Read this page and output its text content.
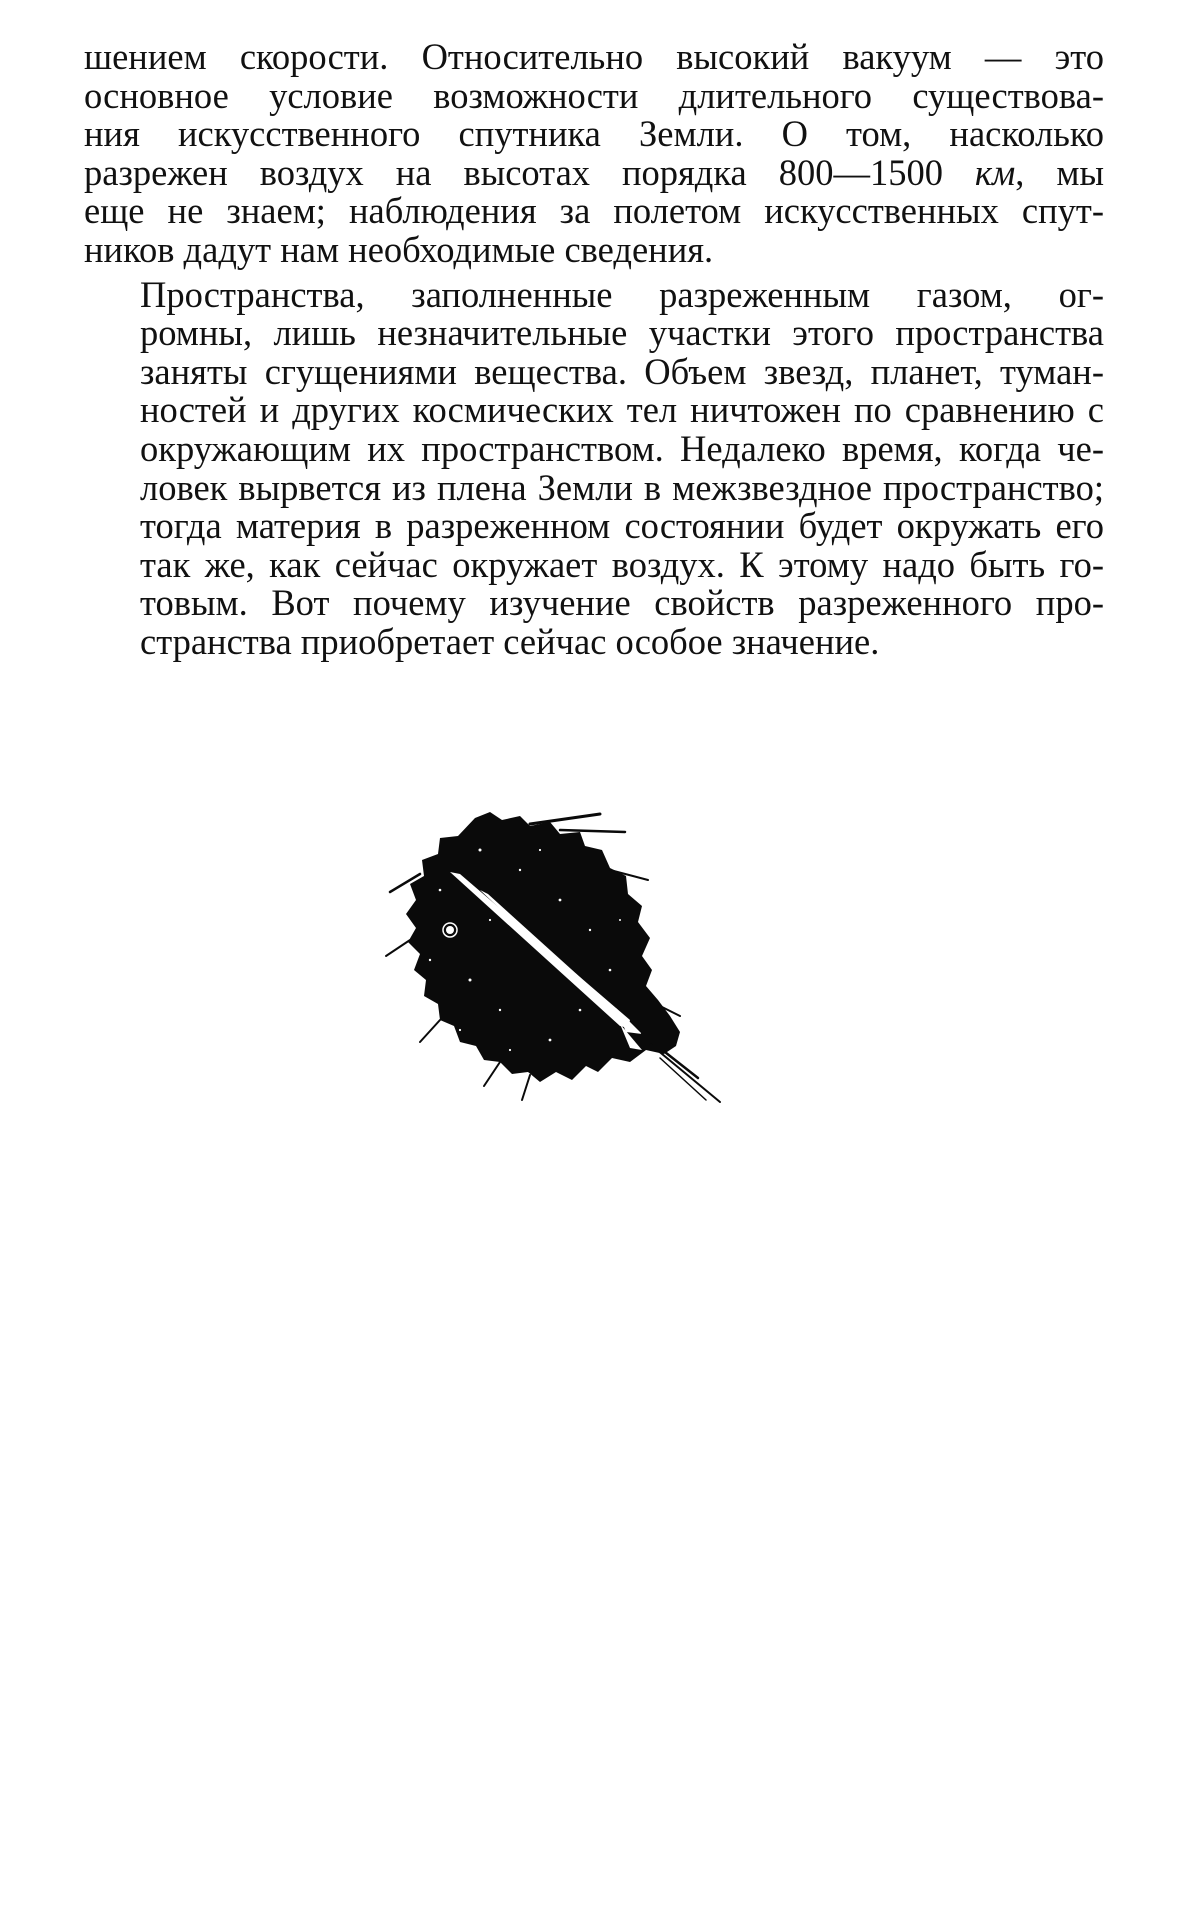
шением скорости. Относительно высокий вакуум — это
основное условие возможности длительного существова-
ния искусственного спутника Земли. О том, насколько
разрежен воздух на высотах порядка 800—1500 км, мы
еще не знаем; наблюдения за полетом искусственных спут-
ников дадут нам необходимые сведения.
Пространства, заполненные разреженным газом, ог-
ромны, лишь незначительные участки этого пространства
заняты сгущениями вещества. Объем звезд, планет, туман-
ностей и других космических тел ничтожен по сравнению с
окружающим их пространством. Недалеко время, когда че-
ловек вырвется из плена Земли в межзвездное пространство;
тогда материя в разреженном состоянии будет окружать его
так же, как сейчас окружает воздух. К этому надо быть го-
товым. Вот почему изучение свойств разреженного про-
странства приобретает сейчас особое значение.
